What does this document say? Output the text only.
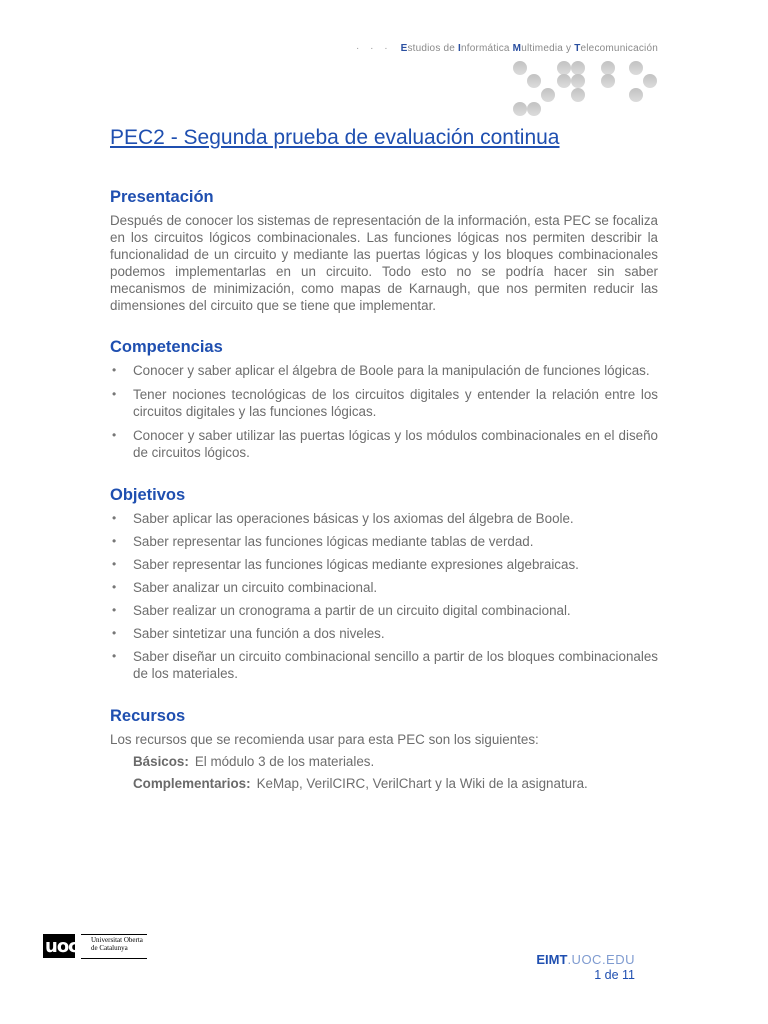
· · · Estudios de Informática Multimedia y Telecomunicación
PEC2 - Segunda prueba de evaluación continua
Presentación

Después de conocer los sistemas de representación de la información, esta PEC se focaliza en los circuitos lógicos combinacionales. Las funciones lógicas nos permiten describir la funcionalidad de un circuito y mediante las puertas lógicas y los bloques combinacionales podemos implementarlas en un circuito. Todo esto no se podría hacer sin saber mecanismos de minimización, como mapas de Karnaugh, que nos permiten reducir las dimensiones del circuito que se tiene que implementar.

Competencias
• Conocer y saber aplicar el álgebra de Boole para la manipulación de funciones lógicas.
• Tener nociones tecnológicas de los circuitos digitales y entender la relación entre los circuitos digitales y las funciones lógicas.
• Conocer y saber utilizar las puertas lógicas y los módulos combinacionales en el diseño de circuitos lógicos.
Objetivos
• Saber aplicar las operaciones básicas y los axiomas del álgebra de Boole.
• Saber representar las funciones lógicas mediante tablas de verdad.
• Saber representar las funciones lógicas mediante expresiones algebraicas.
• Saber analizar un circuito combinacional.
• Saber realizar un cronograma a partir de un circuito digital combinacional.
• Saber sintetizar una función a dos niveles.
• Saber diseñar un circuito combinacional sencillo a partir de los bloques combinacionales de los materiales.
Recursos

Los recursos que se recomienda usar para esta PEC son los siguientes:

Básicos: El módulo 3 de los materiales.
Complementarios: KeMap, VerilCIRC, VerilChart y la Wiki de la asignatura.
uoc Universitat Oberta
de Catalunya
EIMT.UOC.EDU
1 de 11
